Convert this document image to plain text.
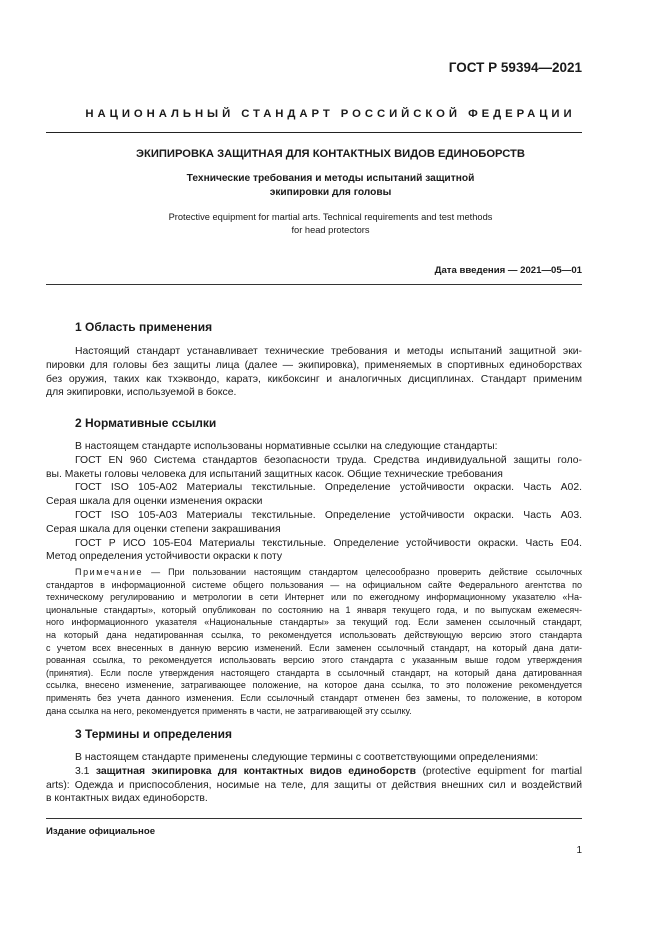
ГОСТ Р 59394—2021
НАЦИОНАЛЬНЫЙ СТАНДАРТ РОССИЙСКОЙ ФЕДЕРАЦИИ
ЭКИПИРОВКА ЗАЩИТНАЯ ДЛЯ КОНТАКТНЫХ ВИДОВ ЕДИНОБОРСТВ
Технические требования и методы испытаний защитной
экипировки для головы
Protective equipment for martial arts. Technical requirements and test methods
for head protectors
Дата введения — 2021—05—01
1 Область применения
Настоящий стандарт устанавливает технические требования и методы испытаний защитной эки-
пировки для головы без защиты лица (далее — экипировка), применяемых в спортивных единоборствах
без оружия, таких как тхэквондо, каратэ, кикбоксинг и аналогичных дисциплинах. Стандарт применим
для экипировки, используемой в боксе.
2 Нормативные ссылки
В настоящем стандарте использованы нормативные ссылки на следующие стандарты:
ГОСТ EN 960 Система стандартов безопасности труда. Средства индивидуальной защиты голо-
вы. Макеты головы человека для испытаний защитных касок. Общие технические требования
ГОСТ ISO 105-A02 Материалы текстильные. Определение устойчивости окраски. Часть A02.
Серая шкала для оценки изменения окраски
ГОСТ ISO 105-A03 Материалы текстильные. Определение устойчивости окраски. Часть A03.
Серая шкала для оценки степени закрашивания
ГОСТ Р ИСО 105-E04 Материалы текстильные. Определение устойчивости окраски. Часть E04.
Метод определения устойчивости окраски к поту
Примечание — При пользовании настоящим стандартом целесообразно проверить действие ссылочных
стандартов в информационной системе общего пользования — на официальном сайте Федерального агентства по
техническому регулированию и метрологии в сети Интернет или по ежегодному информационному указателю «На-
циональные стандарты», который опубликован по состоянию на 1 января текущего года, и по выпускам ежемесяч-
ного информационного указателя «Национальные стандарты» за текущий год. Если заменен ссылочный стандарт,
на который дана недатированная ссылка, то рекомендуется использовать действующую версию этого стандарта
с учетом всех внесенных в данную версию изменений. Если заменен ссылочный стандарт, на который дана дати-
рованная ссылка, то рекомендуется использовать версию этого стандарта с указанным выше годом утверждения
(принятия). Если после утверждения настоящего стандарта в ссылочный стандарт, на который дана датированная
ссылка, внесено изменение, затрагивающее положение, на которое дана ссылка, то это положение рекомендуется
применять без учета данного изменения. Если ссылочный стандарт отменен без замены, то положение, в котором
дана ссылка на него, рекомендуется применять в части, не затрагивающей эту ссылку.
3 Термины и определения
В настоящем стандарте применены следующие термины с соответствующими определениями:
3.1 защитная экипировка для контактных видов единоборств (protective equipment for martial
arts): Одежда и приспособления, носимые на теле, для защиты от действия внешних сил и воздействий
в контактных видах единоборств.
Издание официальное
1
